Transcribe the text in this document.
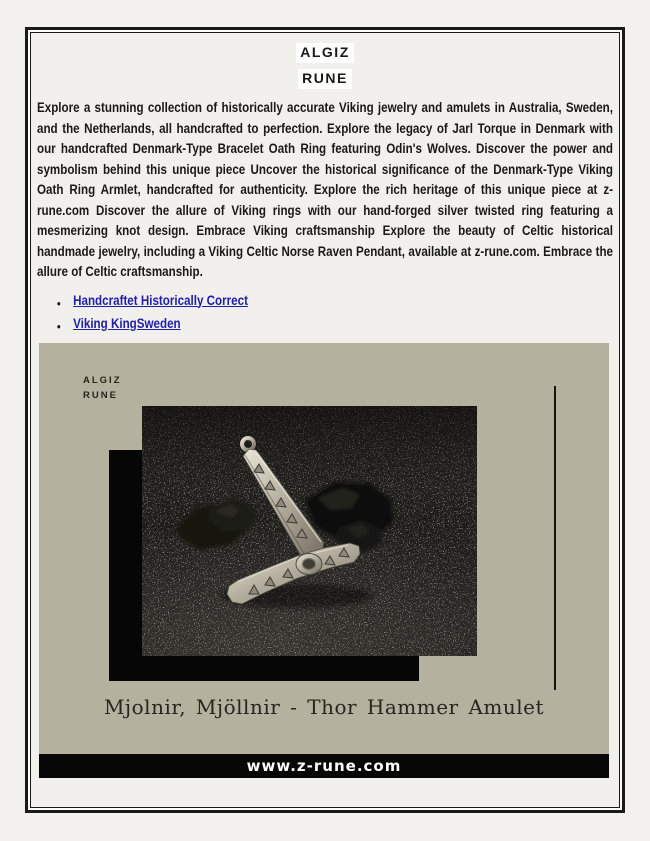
ALGIZ
RUNE

Explore a stunning collection of historically accurate Viking jewelry and amulets in Australia, Sweden, and the Netherlands, all handcrafted to perfection. Explore the legacy of Jarl Torque in Denmark with our handcrafted Denmark-Type Bracelet Oath Ring featuring Odin's Wolves. Discover the power and symbolism behind this unique piece Uncover the historical significance of the Denmark-Type Viking Oath Ring Armlet, handcrafted for authenticity. Explore the rich heritage of this unique piece at z-rune.com Discover the allure of Viking rings with our hand-forged silver twisted ring featuring a mesmerizing knot design. Embrace Viking craftsmanship Explore the beauty of Celtic historical handmade jewelry, including a Viking Celtic Norse Raven Pendant, available at z-rune.com. Embrace the allure of Celtic craftsmanship.

● Handcraftet Historically Correct
● Viking KingSweden
ALGIZ
RUNE
Mjolnir, Mjöllnir - Thor Hammer Amulet
www.z-rune.com
